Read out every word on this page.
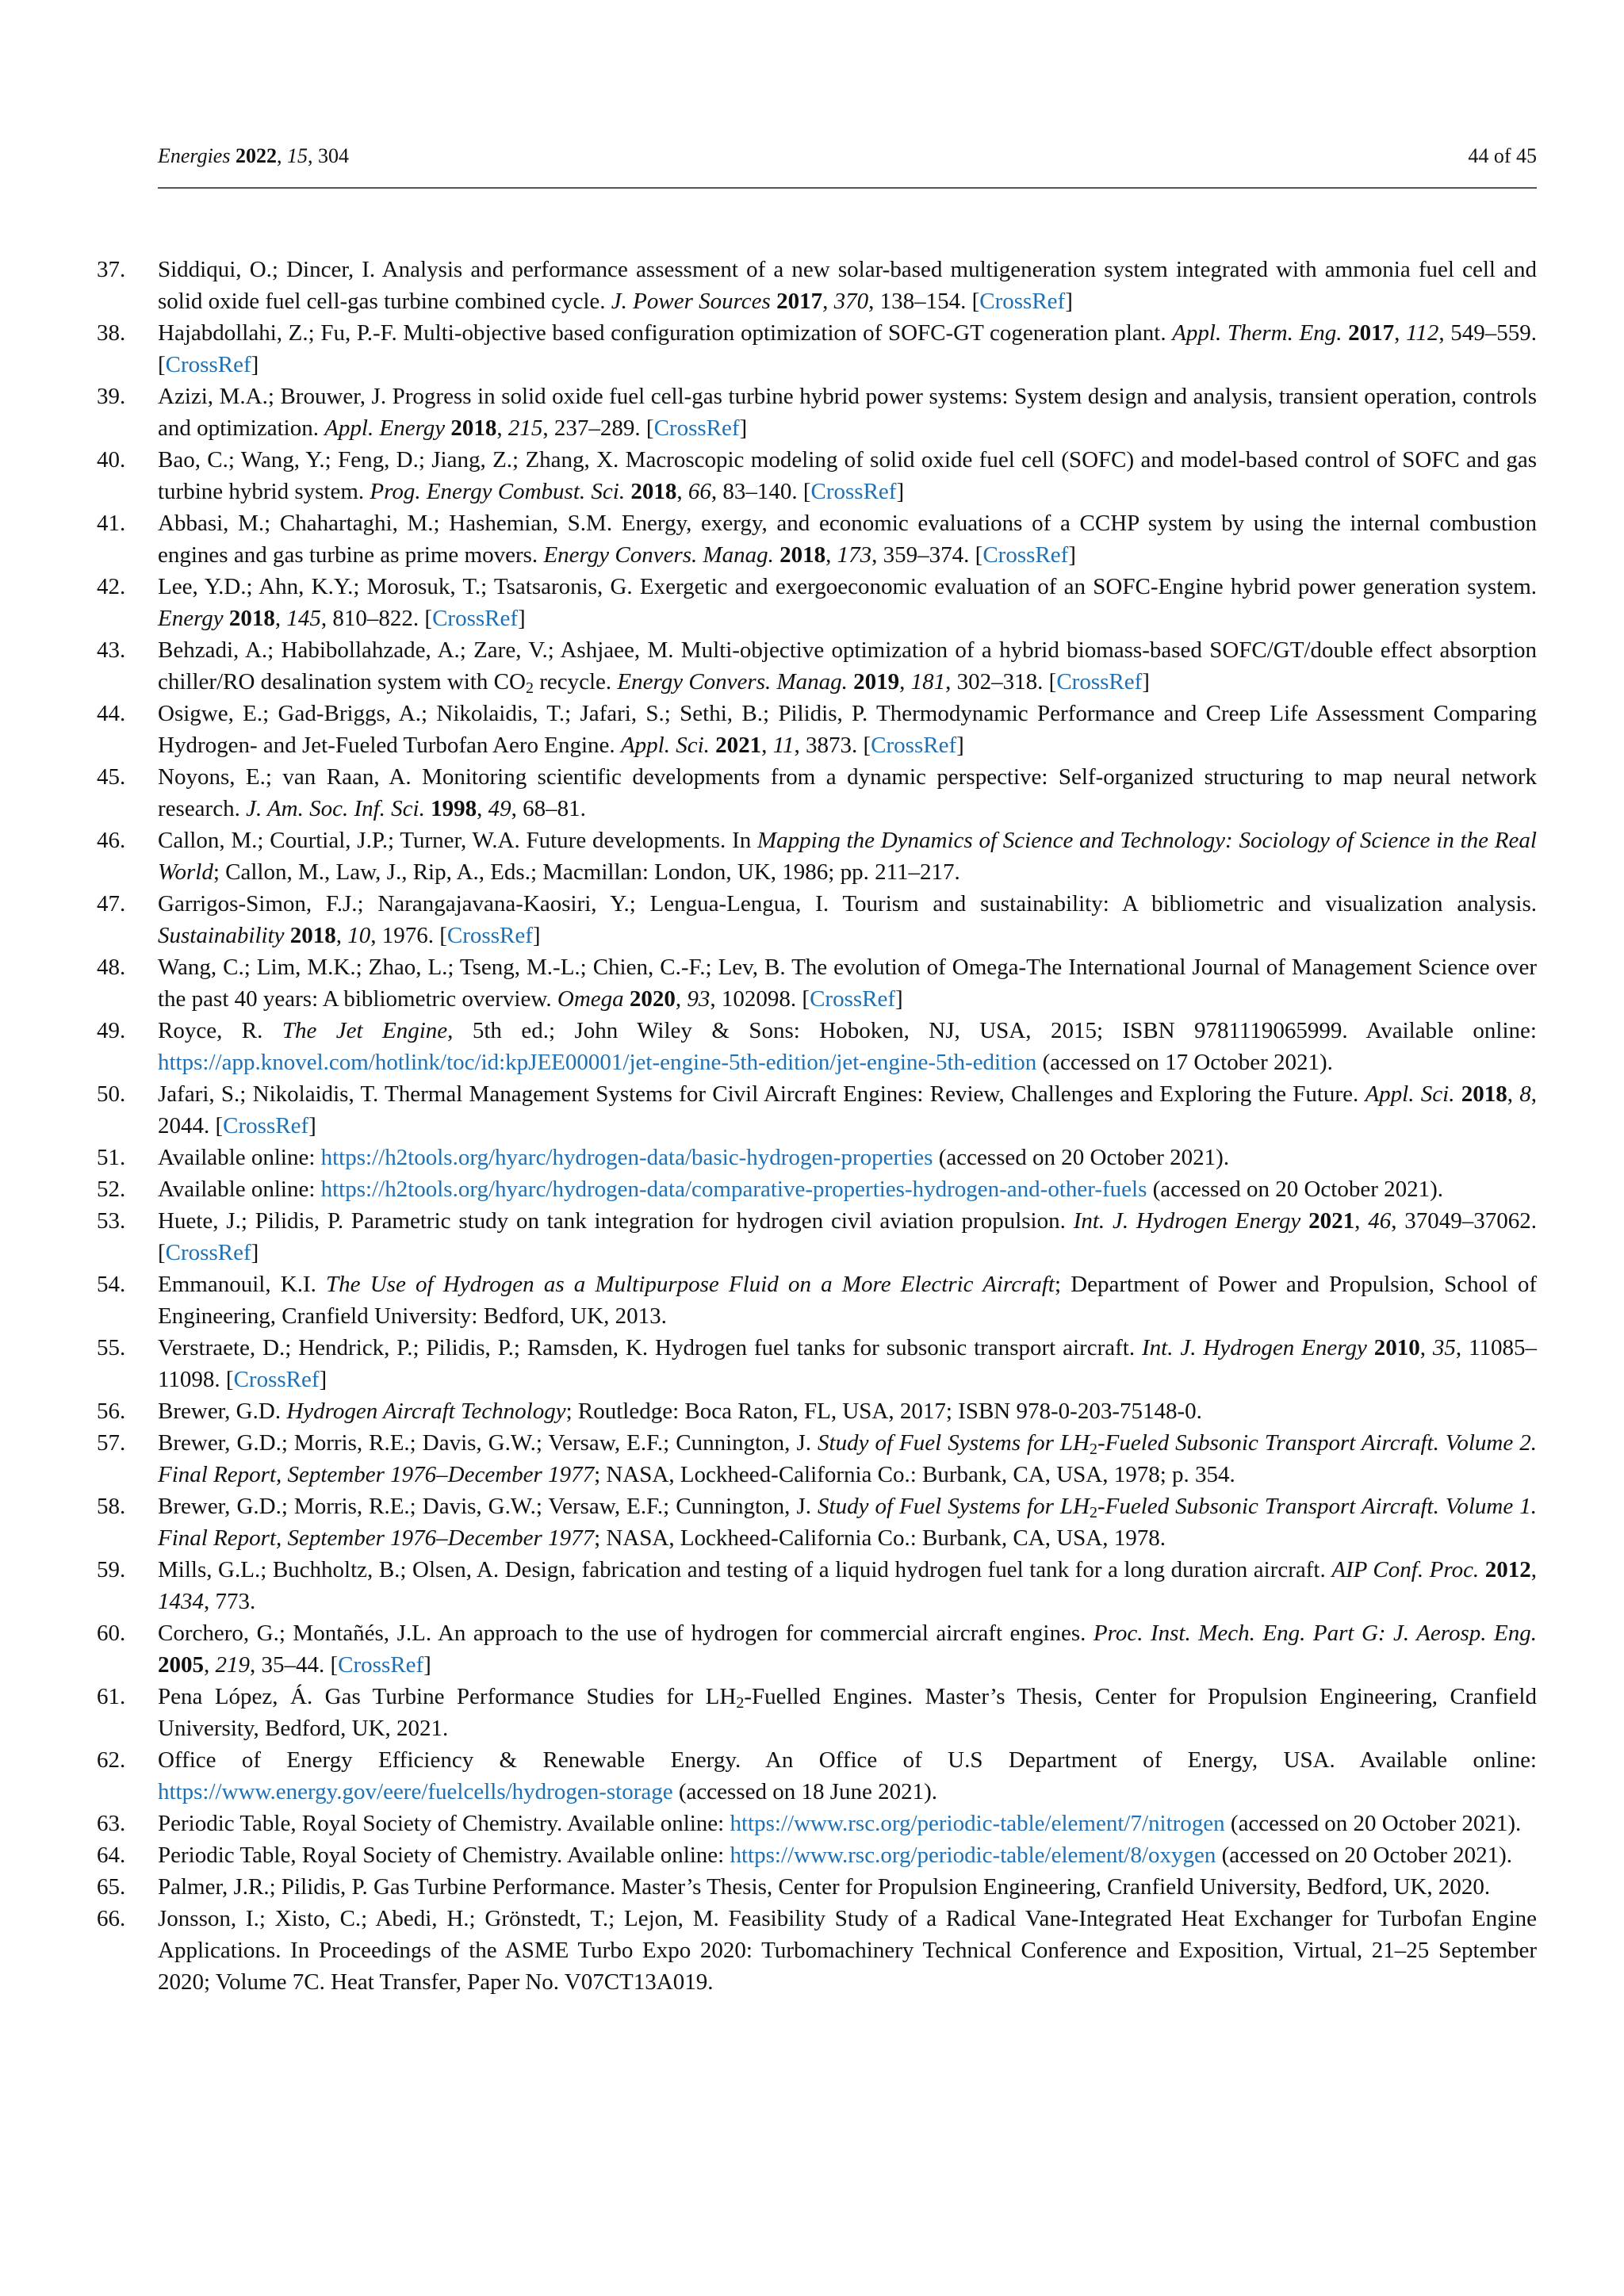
Energies 2022, 15, 304	44 of 45
37.	Siddiqui, O.; Dincer, I. Analysis and performance assessment of a new solar-based multigeneration system integrated with ammonia fuel cell and solid oxide fuel cell-gas turbine combined cycle. J. Power Sources 2017, 370, 138–154. [CrossRef]
38.	Hajabdollahi, Z.; Fu, P.-F. Multi-objective based configuration optimization of SOFC-GT cogeneration plant. Appl. Therm. Eng. 2017, 112, 549–559. [CrossRef]
39.	Azizi, M.A.; Brouwer, J. Progress in solid oxide fuel cell-gas turbine hybrid power systems: System design and analysis, transient operation, controls and optimization. Appl. Energy 2018, 215, 237–289. [CrossRef]
40.	Bao, C.; Wang, Y.; Feng, D.; Jiang, Z.; Zhang, X. Macroscopic modeling of solid oxide fuel cell (SOFC) and model-based control of SOFC and gas turbine hybrid system. Prog. Energy Combust. Sci. 2018, 66, 83–140. [CrossRef]
41.	Abbasi, M.; Chahartaghi, M.; Hashemian, S.M. Energy, exergy, and economic evaluations of a CCHP system by using the internal combustion engines and gas turbine as prime movers. Energy Convers. Manag. 2018, 173, 359–374. [CrossRef]
42.	Lee, Y.D.; Ahn, K.Y.; Morosuk, T.; Tsatsaronis, G. Exergetic and exergoeconomic evaluation of an SOFC-Engine hybrid power generation system. Energy 2018, 145, 810–822. [CrossRef]
43.	Behzadi, A.; Habibollahzade, A.; Zare, V.; Ashjaee, M. Multi-objective optimization of a hybrid biomass-based SOFC/GT/double effect absorption chiller/RO desalination system with $CO_2$ recycle. Energy Convers. Manag. 2019, 181, 302–318. [CrossRef]
44.	Osigwe, E.; Gad-Briggs, A.; Nikolaidis, T.; Jafari, S.; Sethi, B.; Pilidis, P. Thermodynamic Performance and Creep Life Assessment Comparing Hydrogen- and Jet-Fueled Turbofan Aero Engine. Appl. Sci. 2021, 11, 3873. [CrossRef]
45.	Noyons, E.; van Raan, A. Monitoring scientific developments from a dynamic perspective: Self-organized structuring to map neural network research. J. Am. Soc. Inf. Sci. 1998, 49, 68–81.
46.	Callon, M.; Courtial, J.P.; Turner, W.A. Future developments. In Mapping the Dynamics of Science and Technology: Sociology of Science in the Real World; Callon, M., Law, J., Rip, A., Eds.; Macmillan: London, UK, 1986; pp. 211–217.
47.	Garrigos-Simon, F.J.; Narangajavana-Kaosiri, Y.; Lengua-Lengua, I. Tourism and sustainability: A bibliometric and visualization analysis. Sustainability 2018, 10, 1976. [CrossRef]
48.	Wang, C.; Lim, M.K.; Zhao, L.; Tseng, M.-L.; Chien, C.-F.; Lev, B. The evolution of Omega-The International Journal of Management Science over the past 40 years: A bibliometric overview. Omega 2020, 93, 102098. [CrossRef]
49.	Royce, R. The Jet Engine, 5th ed.; John Wiley & Sons: Hoboken, NJ, USA, 2015; ISBN 9781119065999. Available online: https://app.knovel.com/hotlink/toc/id:kpJEE00001/jet-engine-5th-edition/jet-engine-5th-edition (accessed on 17 October 2021).
50.	Jafari, S.; Nikolaidis, T. Thermal Management Systems for Civil Aircraft Engines: Review, Challenges and Exploring the Future. Appl. Sci. 2018, 8, 2044. [CrossRef]
51.	Available online: https://h2tools.org/hyarc/hydrogen-data/basic-hydrogen-properties (accessed on 20 October 2021).
52.	Available online: https://h2tools.org/hyarc/hydrogen-data/comparative-properties-hydrogen-and-other-fuels (accessed on 20 October 2021).
53.	Huete, J.; Pilidis, P. Parametric study on tank integration for hydrogen civil aviation propulsion. Int. J. Hydrogen Energy 2021, 46, 37049–37062. [CrossRef]
54.	Emmanouil, K.I. The Use of Hydrogen as a Multipurpose Fluid on a More Electric Aircraft; Department of Power and Propulsion, School of Engineering, Cranfield University: Bedford, UK, 2013.
55.	Verstraete, D.; Hendrick, P.; Pilidis, P.; Ramsden, K. Hydrogen fuel tanks for subsonic transport aircraft. Int. J. Hydrogen Energy 2010, 35, 11085–11098. [CrossRef]
56.	Brewer, G.D. Hydrogen Aircraft Technology; Routledge: Boca Raton, FL, USA, 2017; ISBN 978-0-203-75148-0.
57.	Brewer, G.D.; Morris, R.E.; Davis, G.W.; Versaw, E.F.; Cunnington, J. Study of Fuel Systems for $LH_2$-Fueled Subsonic Transport Aircraft. Volume 2. Final Report, September 1976–December 1977; NASA, Lockheed-California Co.: Burbank, CA, USA, 1978; p. 354.
58.	Brewer, G.D.; Morris, R.E.; Davis, G.W.; Versaw, E.F.; Cunnington, J. Study of Fuel Systems for $LH_2$-Fueled Subsonic Transport Aircraft. Volume 1. Final Report, September 1976–December 1977; NASA, Lockheed-California Co.: Burbank, CA, USA, 1978.
59.	Mills, G.L.; Buchholtz, B.; Olsen, A. Design, fabrication and testing of a liquid hydrogen fuel tank for a long duration aircraft. AIP Conf. Proc. 2012, 1434, 773.
60.	Corchero, G.; Montañés, J.L. An approach to the use of hydrogen for commercial aircraft engines. Proc. Inst. Mech. Eng. Part G: J. Aerosp. Eng. 2005, 219, 35–44. [CrossRef]
61.	Pena López, Á. Gas Turbine Performance Studies for $LH_2$-Fuelled Engines. Master’s Thesis, Center for Propulsion Engineering, Cranfield University, Bedford, UK, 2021.
62.	Office of Energy Efficiency & Renewable Energy. An Office of U.S Department of Energy, USA. Available online: https://www.energy.gov/eere/fuelcells/hydrogen-storage (accessed on 18 June 2021).
63.	Periodic Table, Royal Society of Chemistry. Available online: https://www.rsc.org/periodic-table/element/7/nitrogen (accessed on 20 October 2021).
64.	Periodic Table, Royal Society of Chemistry. Available online: https://www.rsc.org/periodic-table/element/8/oxygen (accessed on 20 October 2021).
65.	Palmer, J.R.; Pilidis, P. Gas Turbine Performance. Master’s Thesis, Center for Propulsion Engineering, Cranfield University, Bedford, UK, 2020.
66.	Jonsson, I.; Xisto, C.; Abedi, H.; Grönstedt, T.; Lejon, M. Feasibility Study of a Radical Vane-Integrated Heat Exchanger for Turbofan Engine Applications. In Proceedings of the ASME Turbo Expo 2020: Turbomachinery Technical Conference and Exposition, Virtual, 21–25 September 2020; Volume 7C. Heat Transfer, Paper No. V07CT13A019.
